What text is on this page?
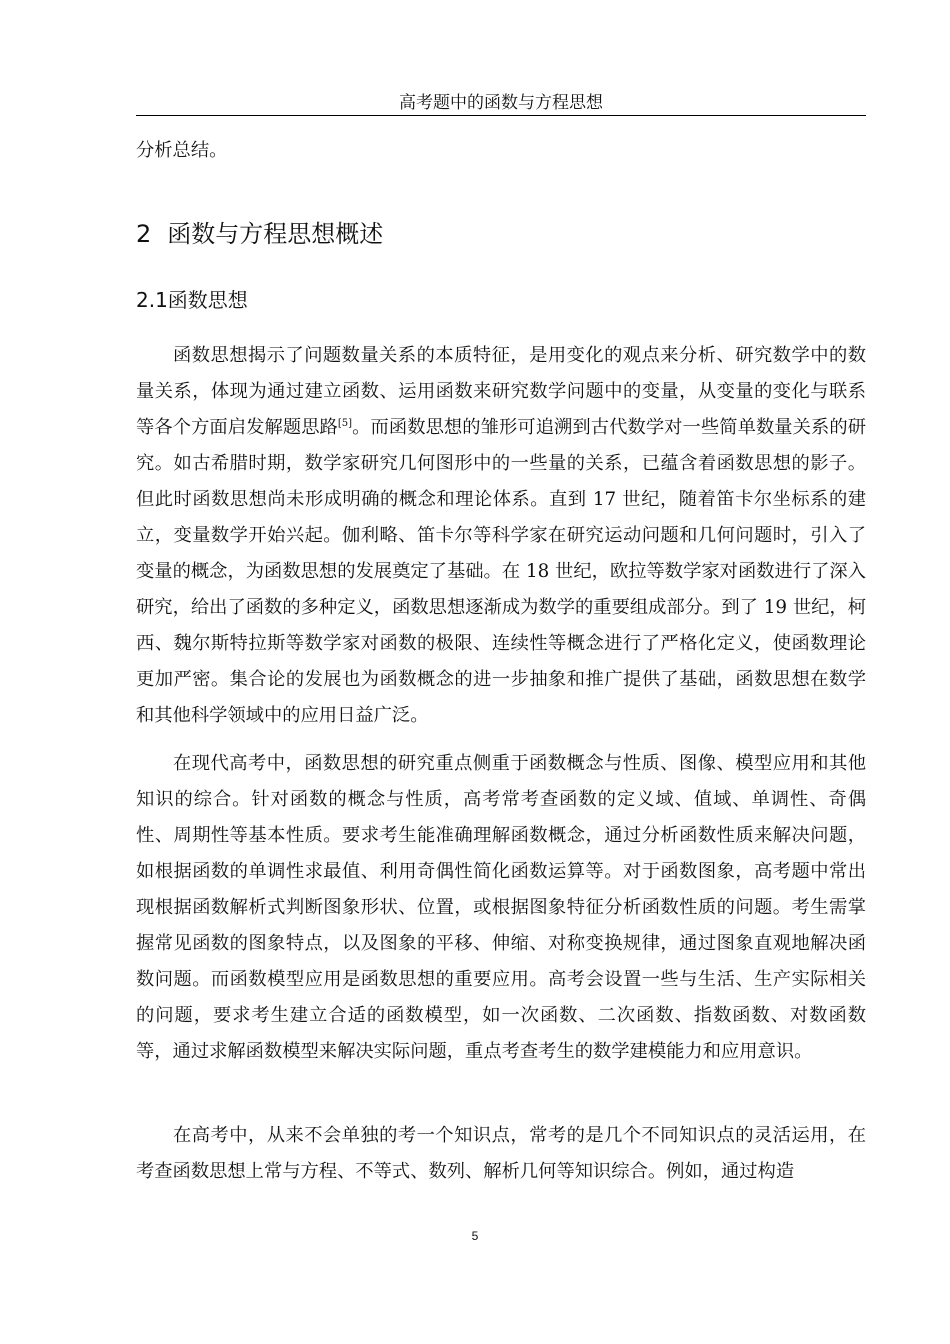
高考题中的函数与方程思想

分析总结。

2 函数与方程思想概述
2.1函数思想

函数思想揭示了问题数量关系的本质特征，是用变化的观点来分析、研究数学中的数量关系，体现为通过建立函数、运用函数来研究数学问题中的变量，从变量的变化与联系等各个方面启发解题思路[5]。而函数思想的雏形可追溯到古代数学对一些简单数量关系的研究。如古希腊时期，数学家研究几何图形中的一些量的关系，已蕴含着函数思想的影子。但此时函数思想尚未形成明确的概念和理论体系。直到 17 世纪，随着笛卡尔坐标系的建立，变量数学开始兴起。伽利略、笛卡尔等科学家在研究运动问题和几何问题时，引入了变量的概念，为函数思想的发展奠定了基础。在 18 世纪，欧拉等数学家对函数进行了深入研究，给出了函数的多种定义，函数思想逐渐成为数学的重要组成部分。到了 19 世纪，柯西、魏尔斯特拉斯等数学家对函数的极限、连续性等概念进行了严格化定义，使函数理论更加严密。集合论的发展也为函数概念的进一步抽象和推广提供了基础，函数思想在数学和其他科学领域中的应用日益广泛。

在现代高考中，函数思想的研究重点侧重于函数概念与性质、图像、模型应用和其他知识的综合。针对函数的概念与性质，高考常考查函数的定义域、值域、单调性、奇偶性、周期性等基本性质。要求考生能准确理解函数概念，通过分析函数性质来解决问题，如根据函数的单调性求最值、利用奇偶性简化函数运算等。对于函数图象，高考题中常出现根据函数解析式判断图象形状、位置，或根据图象特征分析函数性质的问题。考生需掌握常见函数的图象特点，以及图象的平移、伸缩、对称变换规律，通过图象直观地解决函数问题。而函数模型应用是函数思想的重要应用。高考会设置一些与生活、生产实际相关的问题，要求考生建立合适的函数模型，如一次函数、二次函数、指数函数、对数函数等，通过求解函数模型来解决实际问题，重点考查考生的数学建模能力和应用意识。

在高考中，从来不会单独的考一个知识点，常考的是几个不同知识点的灵活运用，在考查函数思想上常与方程、不等式、数列、解析几何等知识综合。例如，通过构造

5
